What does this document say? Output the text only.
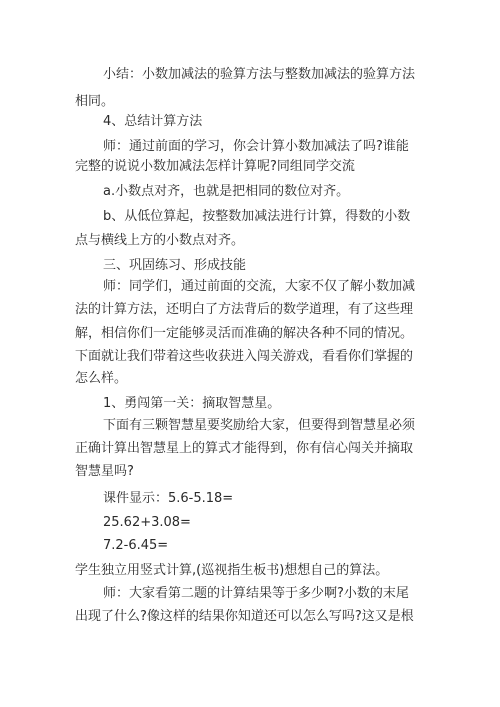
小结：小数加减法的验算方法与整数加减法的验算方法
相同。
4、总结计算方法
师：通过前面的学习，你会计算小数加减法了吗?谁能
完整的说说小数加减法怎样计算呢?同组同学交流
a.小数点对齐，也就是把相同的数位对齐。
b、从低位算起，按整数加减法进行计算，得数的小数
点与横线上方的小数点对齐。
三、巩固练习、形成技能
师：同学们，通过前面的交流，大家不仅了解小数加减
法的计算方法，还明白了方法背后的数学道理，有了这些理
解，相信你们一定能够灵活而准确的解决各种不同的情况。
下面就让我们带着这些收获进入闯关游戏，看看你们掌握的
怎么样。
1、勇闯第一关：摘取智慧星。
下面有三颗智慧星要奖励给大家，但要得到智慧星必须
正确计算出智慧星上的算式才能得到，你有信心闯关并摘取
智慧星吗?
课件显示：5.6-5.18=
25.62+3.08=
7.2-6.45=
学生独立用竖式计算,(巡视指生板书)想想自己的算法。
师：大家看第二题的计算结果等于多少啊?小数的末尾
出现了什么?像这样的结果你知道还可以怎么写吗?这又是根
